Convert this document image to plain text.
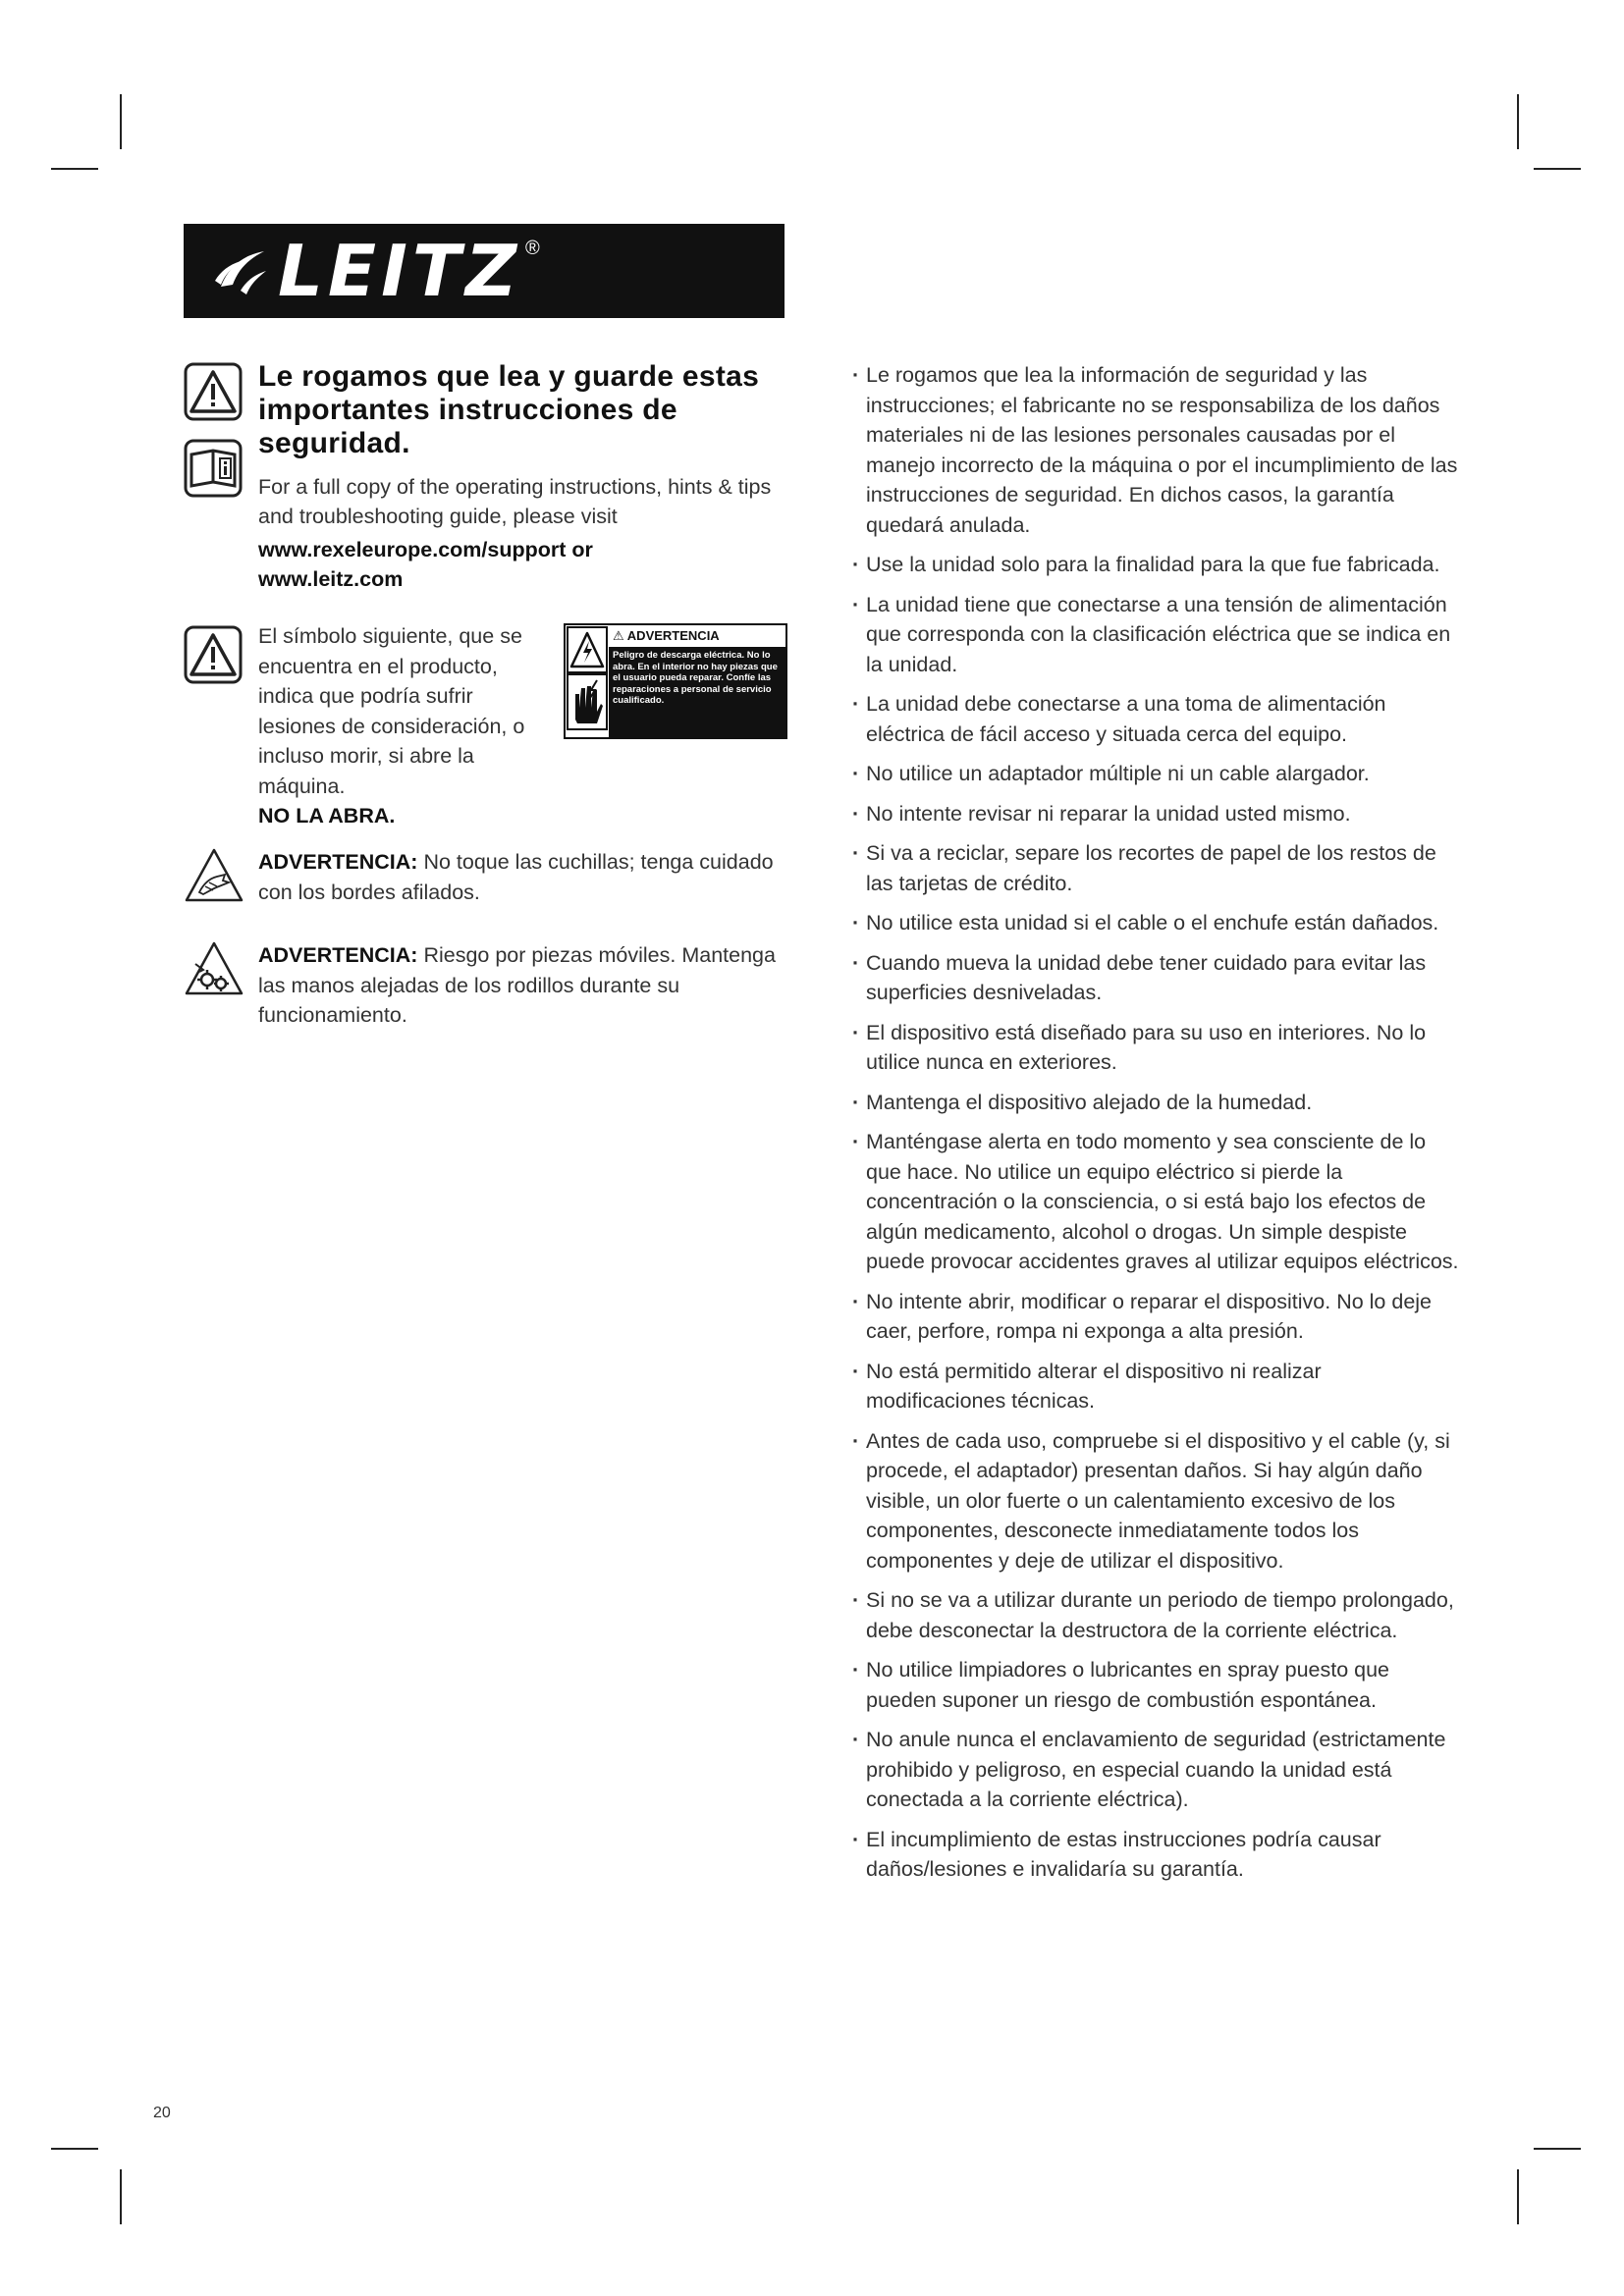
LEITZ ®
Le rogamos que lea y guarde estas
importantes instrucciones de
seguridad.
For a full copy of the operating instructions, hints & tips and troubleshooting guide, please visit
www.rexeleurope.com/support or
www.leitz.com
El símbolo siguiente, que se encuentra en el producto, indica que podría sufrir lesiones de consideración, o incluso morir, si abre la máquina.
NO LA ABRA.
⚠ ADVERTENCIA
Peligro de descarga eléctrica. No lo abra. En el interior no hay piezas que el usuario pueda reparar. Confíe las reparaciones a personal de servicio cualificado.
ADVERTENCIA: No toque las cuchillas; tenga cuidado con los bordes afilados.
ADVERTENCIA: Riesgo por piezas móviles. Mantenga las manos alejadas de los rodillos durante su funcionamiento.
· Le rogamos que lea la información de seguridad y las instrucciones; el fabricante no se responsabiliza de los daños materiales ni de las lesiones personales causadas por el manejo incorrecto de la máquina o por el incumplimiento de las instrucciones de seguridad. En dichos casos, la garantía quedará anulada.
· Use la unidad solo para la finalidad para la que fue fabricada.
· La unidad tiene que conectarse a una tensión de alimentación que corresponda con la clasificación eléctrica que se indica en la unidad.
· La unidad debe conectarse a una toma de alimentación eléctrica de fácil acceso y situada cerca del equipo.
· No utilice un adaptador múltiple ni un cable alargador.
· No intente revisar ni reparar la unidad usted mismo.
· Si va a reciclar, separe los recortes de papel de los restos de las tarjetas de crédito.
· No utilice esta unidad si el cable o el enchufe están dañados.
· Cuando mueva la unidad debe tener cuidado para evitar las superficies desniveladas.
· El dispositivo está diseñado para su uso en interiores. No lo utilice nunca en exteriores.
· Mantenga el dispositivo alejado de la humedad.
· Manténgase alerta en todo momento y sea consciente de lo que hace. No utilice un equipo eléctrico si pierde la concentración o la consciencia, o si está bajo los efectos de algún medicamento, alcohol o drogas. Un simple despiste puede provocar accidentes graves al utilizar equipos eléctricos.
· No intente abrir, modificar o reparar el dispositivo. No lo deje caer, perfore, rompa ni exponga a alta presión.
· No está permitido alterar el dispositivo ni realizar modificaciones técnicas.
· Antes de cada uso, compruebe si el dispositivo y el cable (y, si procede, el adaptador) presentan daños. Si hay algún daño visible, un olor fuerte o un calentamiento excesivo de los componentes, desconecte inmediatamente todos los componentes y deje de utilizar el dispositivo.
· Si no se va a utilizar durante un periodo de tiempo prolongado, debe desconectar la destructora de la corriente eléctrica.
· No utilice limpiadores o lubricantes en spray puesto que pueden suponer un riesgo de combustión espontánea.
· No anule nunca el enclavamiento de seguridad (estrictamente prohibido y peligroso, en especial cuando la unidad está conectada a la corriente eléctrica).
· El incumplimiento de estas instrucciones podría causar daños/lesiones e invalidaría su garantía.
20
